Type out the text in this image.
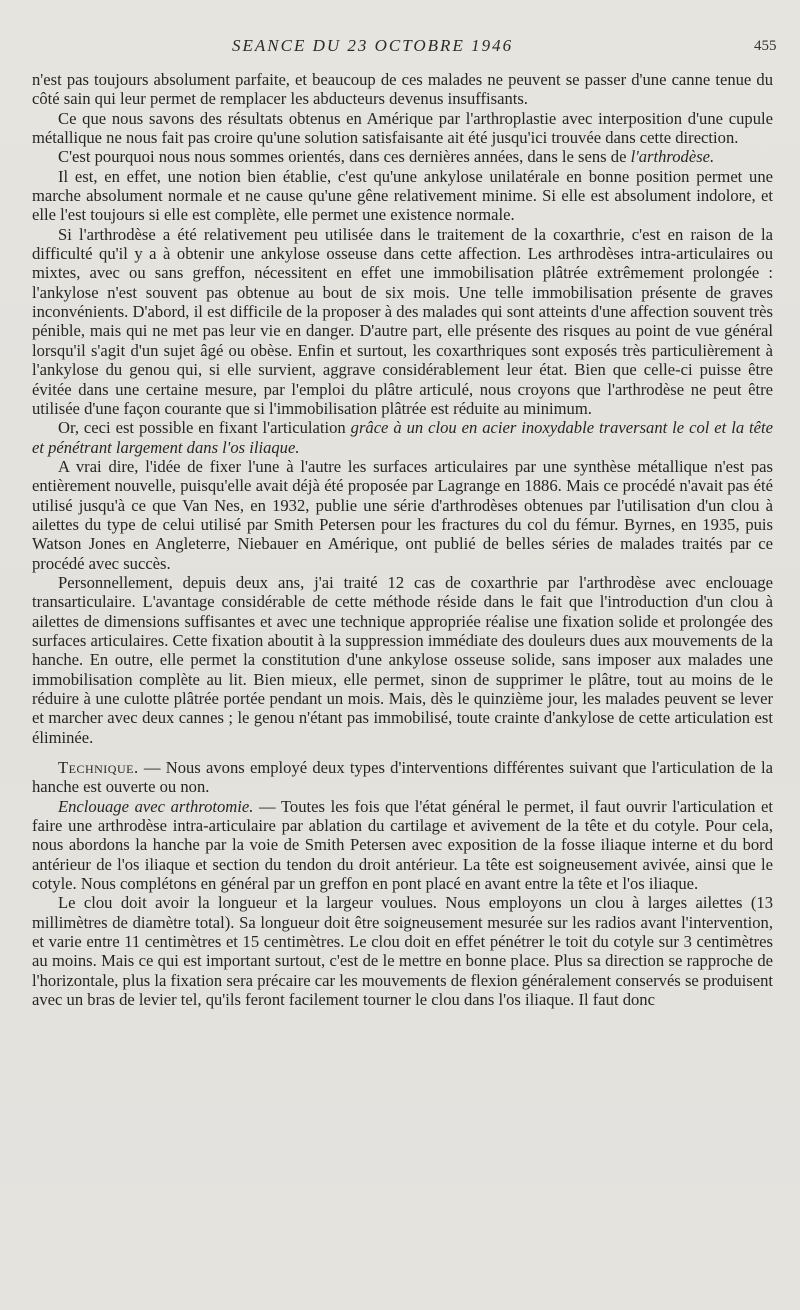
SEANCE DU 23 OCTOBRE 1946	455

n'est pas toujours absolument parfaite, et beaucoup de ces malades ne peuvent se passer d'une canne tenue du côté sain qui leur permet de remplacer les abducteurs devenus insuffisants.

Ce que nous savons des résultats obtenus en Amérique par l'arthroplastie avec interposition d'une cupule métallique ne nous fait pas croire qu'une solution satisfaisante ait été jusqu'ici trouvée dans cette direction.

C'est pourquoi nous nous sommes orientés, dans ces dernières années, dans le sens de l'arthrodèse.

Il est, en effet, une notion bien établie, c'est qu'une ankylose unilatérale en bonne position permet une marche absolument normale et ne cause qu'une gêne relativement minime. Si elle est absolument indolore, et elle l'est toujours si elle est complète, elle permet une existence normale.

Si l'arthrodèse a été relativement peu utilisée dans le traitement de la coxarthrie, c'est en raison de la difficulté qu'il y a à obtenir une ankylose osseuse dans cette affection. Les arthrodèses intra-articulaires ou mixtes, avec ou sans greffon, nécessitent en effet une immobilisation plâtrée extrêmement prolongée : l'ankylose n'est souvent pas obtenue au bout de six mois. Une telle immobilisation présente de graves inconvénients. D'abord, il est difficile de la proposer à des malades qui sont atteints d'une affection souvent très pénible, mais qui ne met pas leur vie en danger. D'autre part, elle présente des risques au point de vue général lorsqu'il s'agit d'un sujet âgé ou obèse. Enfin et surtout, les coxarthriques sont exposés très particulièrement à l'ankylose du genou qui, si elle survient, aggrave considérablement leur état. Bien que celle-ci puisse être évitée dans une certaine mesure, par l'emploi du plâtre articulé, nous croyons que l'arthrodèse ne peut être utilisée d'une façon courante que si l'immobilisation plâtrée est réduite au minimum.

Or, ceci est possible en fixant l'articulation grâce à un clou en acier inoxydable traversant le col et la tête et pénétrant largement dans l'os iliaque.

A vrai dire, l'idée de fixer l'une à l'autre les surfaces articulaires par une synthèse métallique n'est pas entièrement nouvelle, puisqu'elle avait déjà été proposée par Lagrange en 1886. Mais ce procédé n'avait pas été utilisé jusqu'à ce que Van Nes, en 1932, publie une série d'arthrodèses obtenues par l'utilisation d'un clou à ailettes du type de celui utilisé par Smith Petersen pour les fractures du col du fémur. Byrnes, en 1935, puis Watson Jones en Angleterre, Niebauer en Amérique, ont publié de belles séries de malades traités par ce procédé avec succès.

Personnellement, depuis deux ans, j'ai traité 12 cas de coxarthrie par l'arthrodèse avec enclouage transarticulaire. L'avantage considérable de cette méthode réside dans le fait que l'introduction d'un clou à ailettes de dimensions suffisantes et avec une technique appropriée réalise une fixation solide et prolongée des surfaces articulaires. Cette fixation aboutit à la suppression immédiate des douleurs dues aux mouvements de la hanche. En outre, elle permet la constitution d'une ankylose osseuse solide, sans imposer aux malades une immobilisation complète au lit. Bien mieux, elle permet, sinon de supprimer le plâtre, tout au moins de le réduire à une culotte plâtrée portée pendant un mois. Mais, dès le quinzième jour, les malades peuvent se lever et marcher avec deux cannes ; le genou n'étant pas immobilisé, toute crainte d'ankylose de cette articulation est éliminée.

Technique. — Nous avons employé deux types d'interventions différentes suivant que l'articulation de la hanche est ouverte ou non.

Enclouage avec arthrotomie. — Toutes les fois que l'état général le permet, il faut ouvrir l'articulation et faire une arthrodèse intra-articulaire par ablation du cartilage et avivement de la tête et du cotyle. Pour cela, nous abordons la hanche par la voie de Smith Petersen avec exposition de la fosse iliaque interne et du bord antérieur de l'os iliaque et section du tendon du droit antérieur. La tête est soigneusement avivée, ainsi que le cotyle. Nous complétons en général par un greffon en pont placé en avant entre la tête et l'os iliaque.

Le clou doit avoir la longueur et la largeur voulues. Nous employons un clou à larges ailettes (13 millimètres de diamètre total). Sa longueur doit être soigneusement mesurée sur les radios avant l'intervention, et varie entre 11 centimètres et 15 centimètres. Le clou doit en effet pénétrer le toit du cotyle sur 3 centimètres au moins. Mais ce qui est important surtout, c'est de le mettre en bonne place. Plus sa direction se rapproche de l'horizontale, plus la fixation sera précaire car les mouvements de flexion généralement conservés se produisent avec un bras de levier tel, qu'ils feront facilement tourner le clou dans l'os iliaque. Il faut donc
